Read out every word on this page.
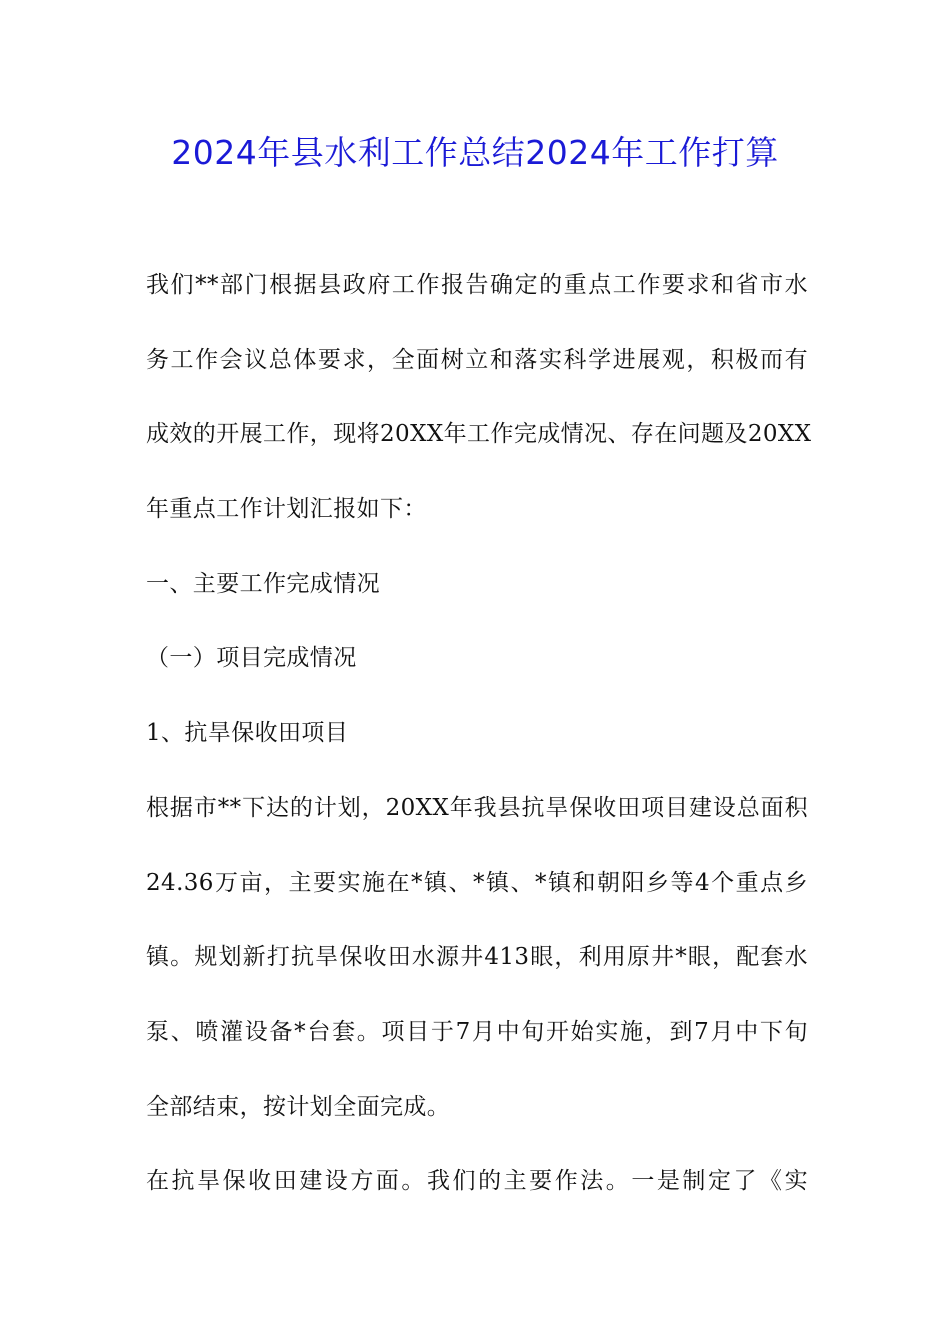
2024年县水利工作总结2024年工作打算
我们**部门根据县政府工作报告确定的重点工作要求和省市水
务工作会议总体要求，全面树立和落实科学进展观，积极而有
成效的开展工作，现将20XX年工作完成情况、存在问题及20XX
年重点工作计划汇报如下：
一、主要工作完成情况
（一）项目完成情况
1、抗旱保收田项目
根据市**下达的计划，20XX年我县抗旱保收田项目建设总面积
24.36万亩，主要实施在*镇、*镇、*镇和朝阳乡等4个重点乡
镇。规划新打抗旱保收田水源井413眼，利用原井*眼，配套水
泵、喷灌设备*台套。项目于7月中旬开始实施，到7月中下旬
全部结束，按计划全面完成。
在抗旱保收田建设方面。我们的主要作法。一是制定了《实
